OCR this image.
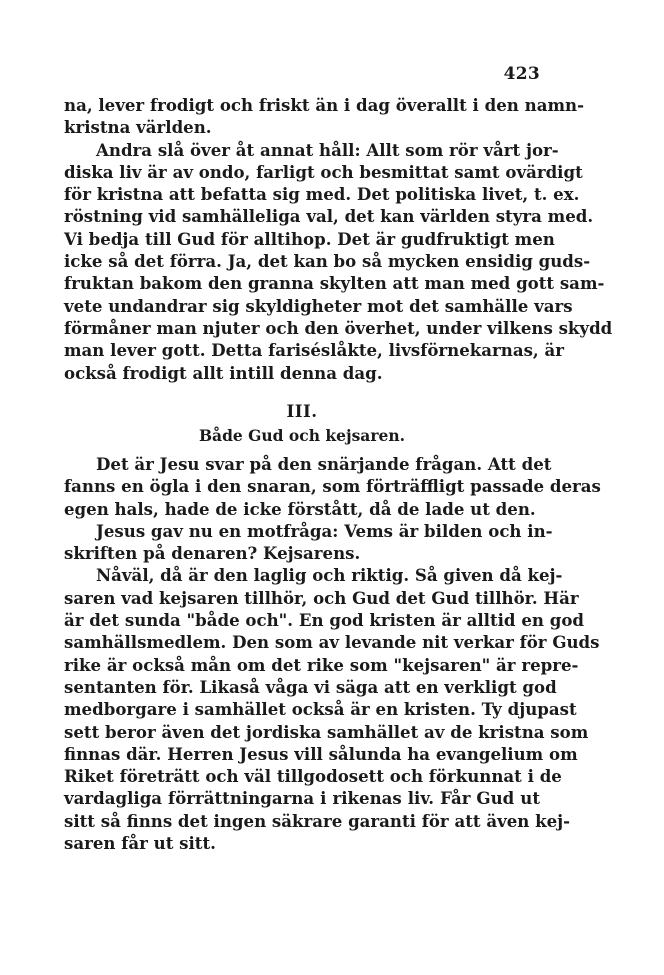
423
na, lever frodigt och friskt än i dag överallt i den namn-
kristna världen.
Andra slå över åt annat håll: Allt som rör vårt jor-
diska liv är av ondo, farligt och besmittat samt ovärdigt
för kristna att befatta sig med. Det politiska livet, t. ex.
röstning vid samhälleliga val, det kan världen styra med.
Vi bedja till Gud för alltihop. Det är gudfruktigt men
icke så det förra. Ja, det kan bo så mycken ensidig guds-
fruktan bakom den granna skylten att man med gott sam-
vete undandrar sig skyldigheter mot det samhälle vars
förmåner man njuter och den överhet, under vilkens skydd
man lever gott. Detta fariséslåkte, livsförnekarnas, är
också frodigt allt intill denna dag.
III.
Både Gud och kejsaren.
Det är Jesu svar på den snärjande frågan. Att det
fanns en ögla i den snaran, som förträffligt passade deras
egen hals, hade de icke förstått, då de lade ut den.
Jesus gav nu en motfråga: Vems är bilden och in-
skriften på denaren? Kejsarens.
Nåväl, då är den laglig och riktig. Så given då kej-
saren vad kejsaren tillhör, och Gud det Gud tillhör. Här
är det sunda "både och". En god kristen är alltid en god
samhällsmedlem. Den som av levande nit verkar för Guds
rike är också mån om det rike som "kejsaren" är repre-
sentanten för. Likaså våga vi säga att en verkligt god
medborgare i samhället också är en kristen. Ty djupast
sett beror även det jordiska samhället av de kristna som
finnas där. Herren Jesus vill sålunda ha evangelium om
Riket företrätt och väl tillgodosett och förkunnat i de
vardagliga förrättningarna i rikenas liv. Får Gud ut
sitt så finns det ingen säkrare garanti för att även kej-
saren får ut sitt.
